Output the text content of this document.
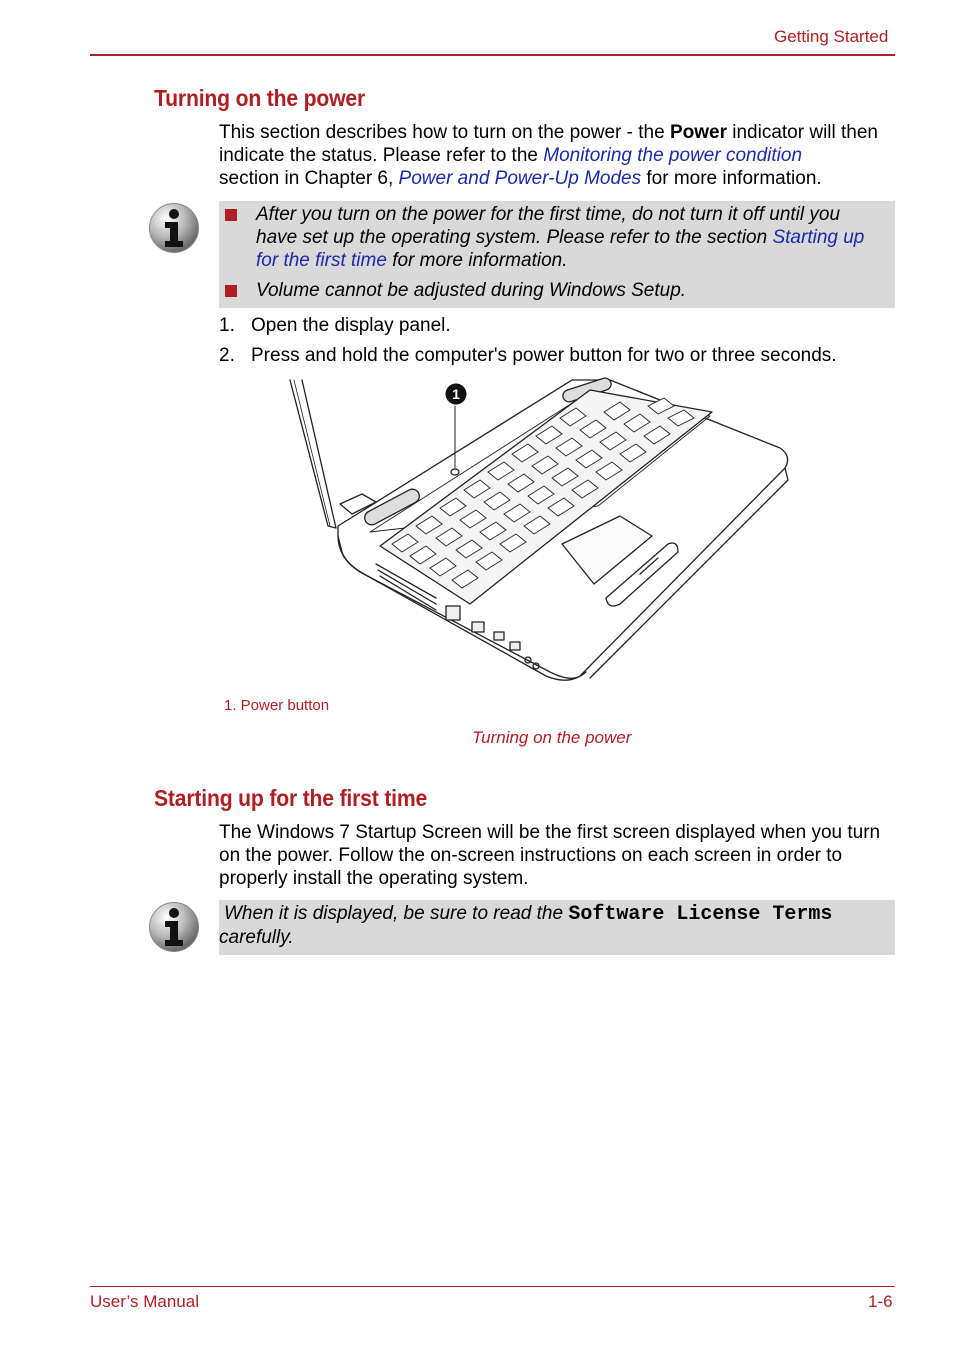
Getting Started
Turning on the power
This section describes how to turn on the power - the Power indicator will then indicate the status. Please refer to the Monitoring the power condition
section in Chapter 6, Power and Power-Up Modes for more information.
After you turn on the power for the first time, do not turn it off until you have set up the operating system. Please refer to the section Starting up for the first time for more information.
Volume cannot be adjusted during Windows Setup.
1. Open the display panel.
2. Press and hold the computer's power button for two or three seconds.
1
1. Power button
Turning on the power
Starting up for the first time
The Windows 7 Startup Screen will be the first screen displayed when you turn on the power. Follow the on-screen instructions on each screen in order to properly install the operating system.
When it is displayed, be sure to read the Software License Terms
carefully.
User’s Manual	1-6
